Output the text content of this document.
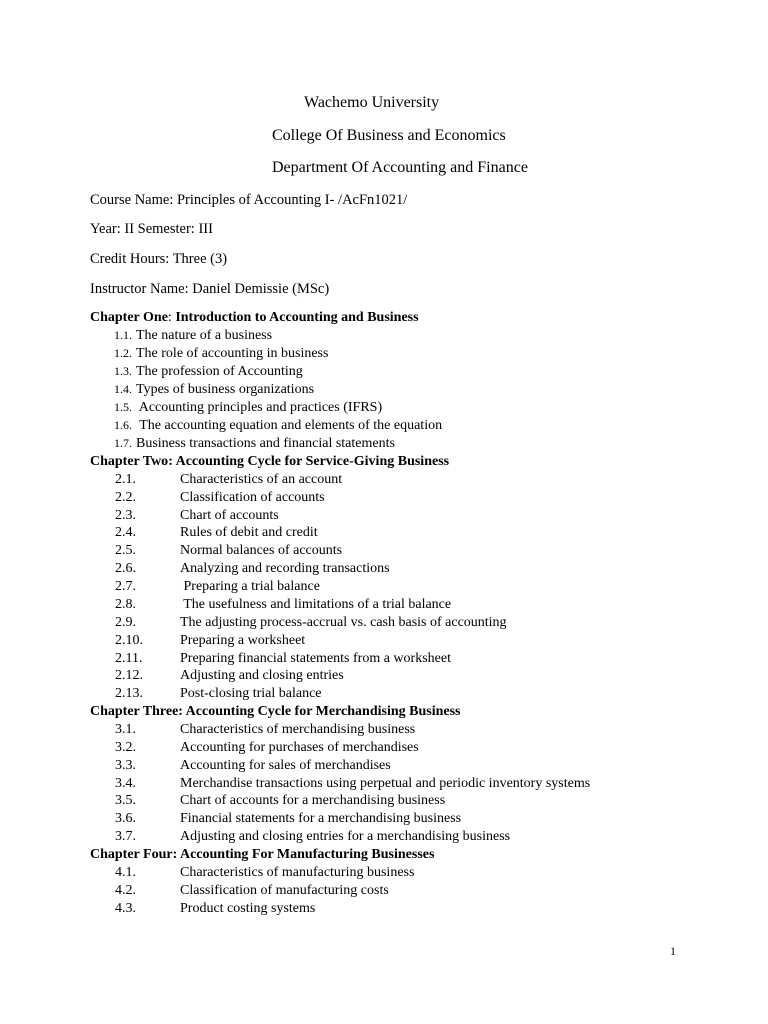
Wachemo University
College Of Business and Economics
Department Of Accounting and Finance
Course Name: Principles of Accounting I- /AcFn1021/
Year: II Semester: III
Credit Hours: Three (3)
Instructor Name: Daniel Demissie (MSc)
Chapter One: Introduction to Accounting and Business
1.1. The nature of a business
1.2. The role of accounting in business
1.3. The profession of Accounting
1.4. Types of business organizations
1.5. Accounting principles and practices (IFRS)
1.6. The accounting equation and elements of the equation
1.7. Business transactions and financial statements
Chapter Two: Accounting Cycle for Service-Giving Business
2.1.	Characteristics of an account
2.2.	Classification of accounts
2.3.	Chart of accounts
2.4.	Rules of debit and credit
2.5.	Normal balances of accounts
2.6.	Analyzing and recording transactions
2.7.	Preparing a trial balance
2.8.	The usefulness and limitations of a trial balance
2.9.	The adjusting process-accrual vs. cash basis of accounting
2.10.	Preparing a worksheet
2.11.	Preparing financial statements from a worksheet
2.12.	Adjusting and closing entries
2.13.	Post-closing trial balance
Chapter Three: Accounting Cycle for Merchandising Business
3.1.	Characteristics of merchandising business
3.2.	Accounting for purchases of merchandises
3.3.	Accounting for sales of merchandises
3.4.	Merchandise transactions using perpetual and periodic inventory systems
3.5.	Chart of accounts for a merchandising business
3.6.	Financial statements for a merchandising business
3.7.	Adjusting and closing entries for a merchandising business
Chapter Four: Accounting For Manufacturing Businesses
4.1.	Characteristics of manufacturing business
4.2.	Classification of manufacturing costs
4.3.	Product costing systems
1
